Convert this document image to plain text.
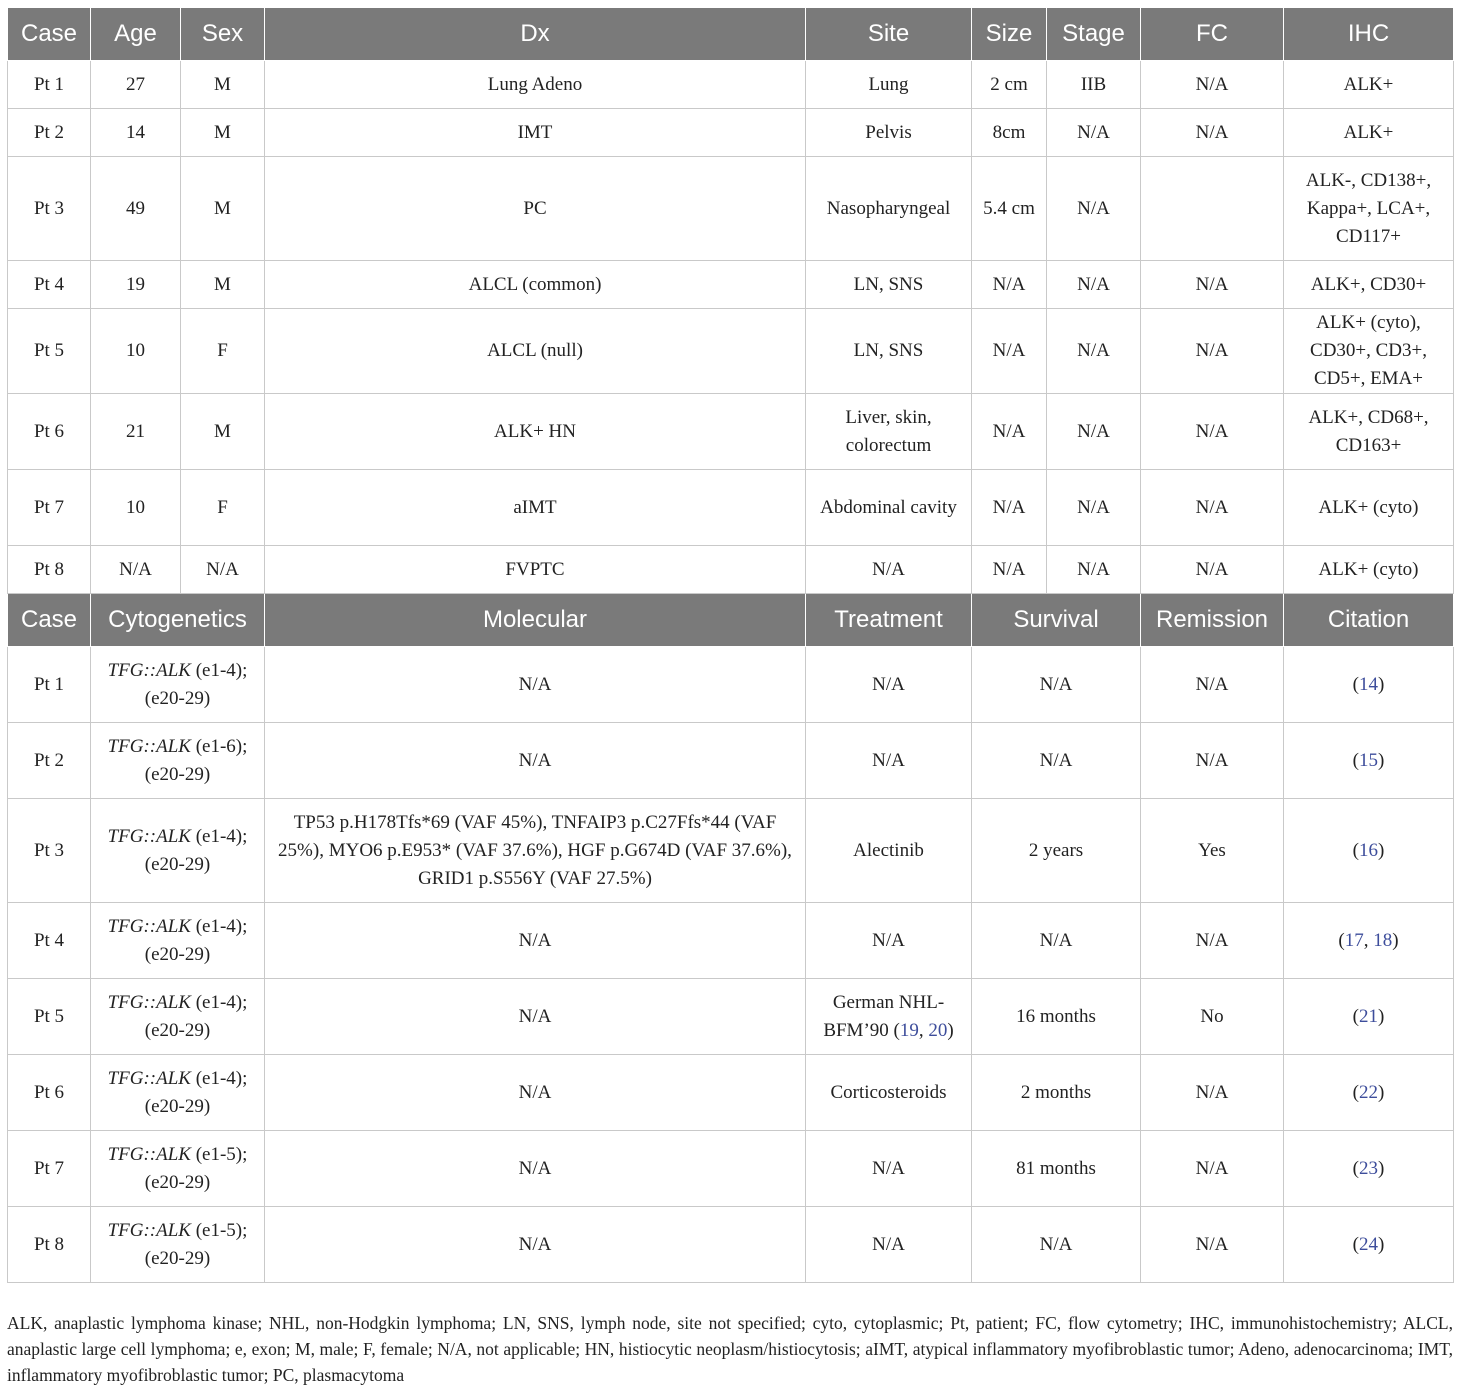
Case	Age	Sex	Dx	Site	Size	Stage	FC	IHC
Pt 1	27	M	Lung Adeno	Lung	2 cm	IIB	N/A	ALK+
Pt 2	14	M	IMT	Pelvis	8cm	N/A	N/A	ALK+
Pt 3	49	M	PC	Nasopharyngeal	5.4 cm	N/A		ALK-, CD138+, Kappa+, LCA+, CD117+
Pt 4	19	M	ALCL (common)	LN, SNS	N/A	N/A	N/A	ALK+, CD30+
Pt 5	10	F	ALCL (null)	LN, SNS	N/A	N/A	N/A	ALK+ (cyto), CD30+, CD3+, CD5+, EMA+
Pt 6	21	M	ALK+ HN	Liver, skin, colorectum	N/A	N/A	N/A	ALK+, CD68+, CD163+
Pt 7	10	F	aIMT	Abdominal cavity	N/A	N/A	N/A	ALK+ (cyto)
Pt 8	N/A	N/A	FVPTC	N/A	N/A	N/A	N/A	ALK+ (cyto)
Case	Cytogenetics		Molecular	Treatment	Survival		Remission	Citation
Pt 1	TFG::ALK (e1-4);(e20-29)		N/A	N/A	N/A		N/A	(14)
Pt 2	TFG::ALK (e1-6); (e20-29)		N/A	N/A	N/A		N/A	(15)
Pt 3	TFG::ALK (e1-4); (e20-29)		TP53 p.H178Tfs*69 (VAF 45%), TNFAIP3 p.C27Ffs*44 (VAF 25%), MYO6 p.E953* (VAF 37.6%), HGF p.G674D (VAF 37.6%), GRID1 p.S556Y (VAF 27.5%)	Alectinib	2 years		Yes	(16)
Pt 4	TFG::ALK (e1-4); (e20-29)		N/A	N/A	N/A		N/A	(17, 18)
Pt 5	TFG::ALK (e1-4); (e20-29)		N/A	German NHL-BFM’90 (19, 20)	16 months		No	(21)
Pt 6	TFG::ALK (e1-4); (e20-29)		N/A	Corticosteroids	2 months		N/A	(22)
Pt 7	TFG::ALK (e1-5); (e20-29)		N/A	N/A	81 months		N/A	(23)
Pt 8	TFG::ALK (e1-5); (e20-29)		N/A	N/A	N/A		N/A	(24)
ALK, anaplastic lymphoma kinase; NHL, non-Hodgkin lymphoma; LN, SNS, lymph node, site not specified; cyto, cytoplasmic; Pt, patient; FC, flow cytometry; IHC, immunohistochemistry; ALCL, anaplastic large cell lymphoma; e, exon; M, male; F, female; N/A, not applicable; HN, histiocytic neoplasm/histiocytosis; aIMT, atypical inflammatory myofibroblastic tumor; Adeno, adenocarcinoma; IMT, inflammatory myofibroblastic tumor; PC, plasmacytoma
